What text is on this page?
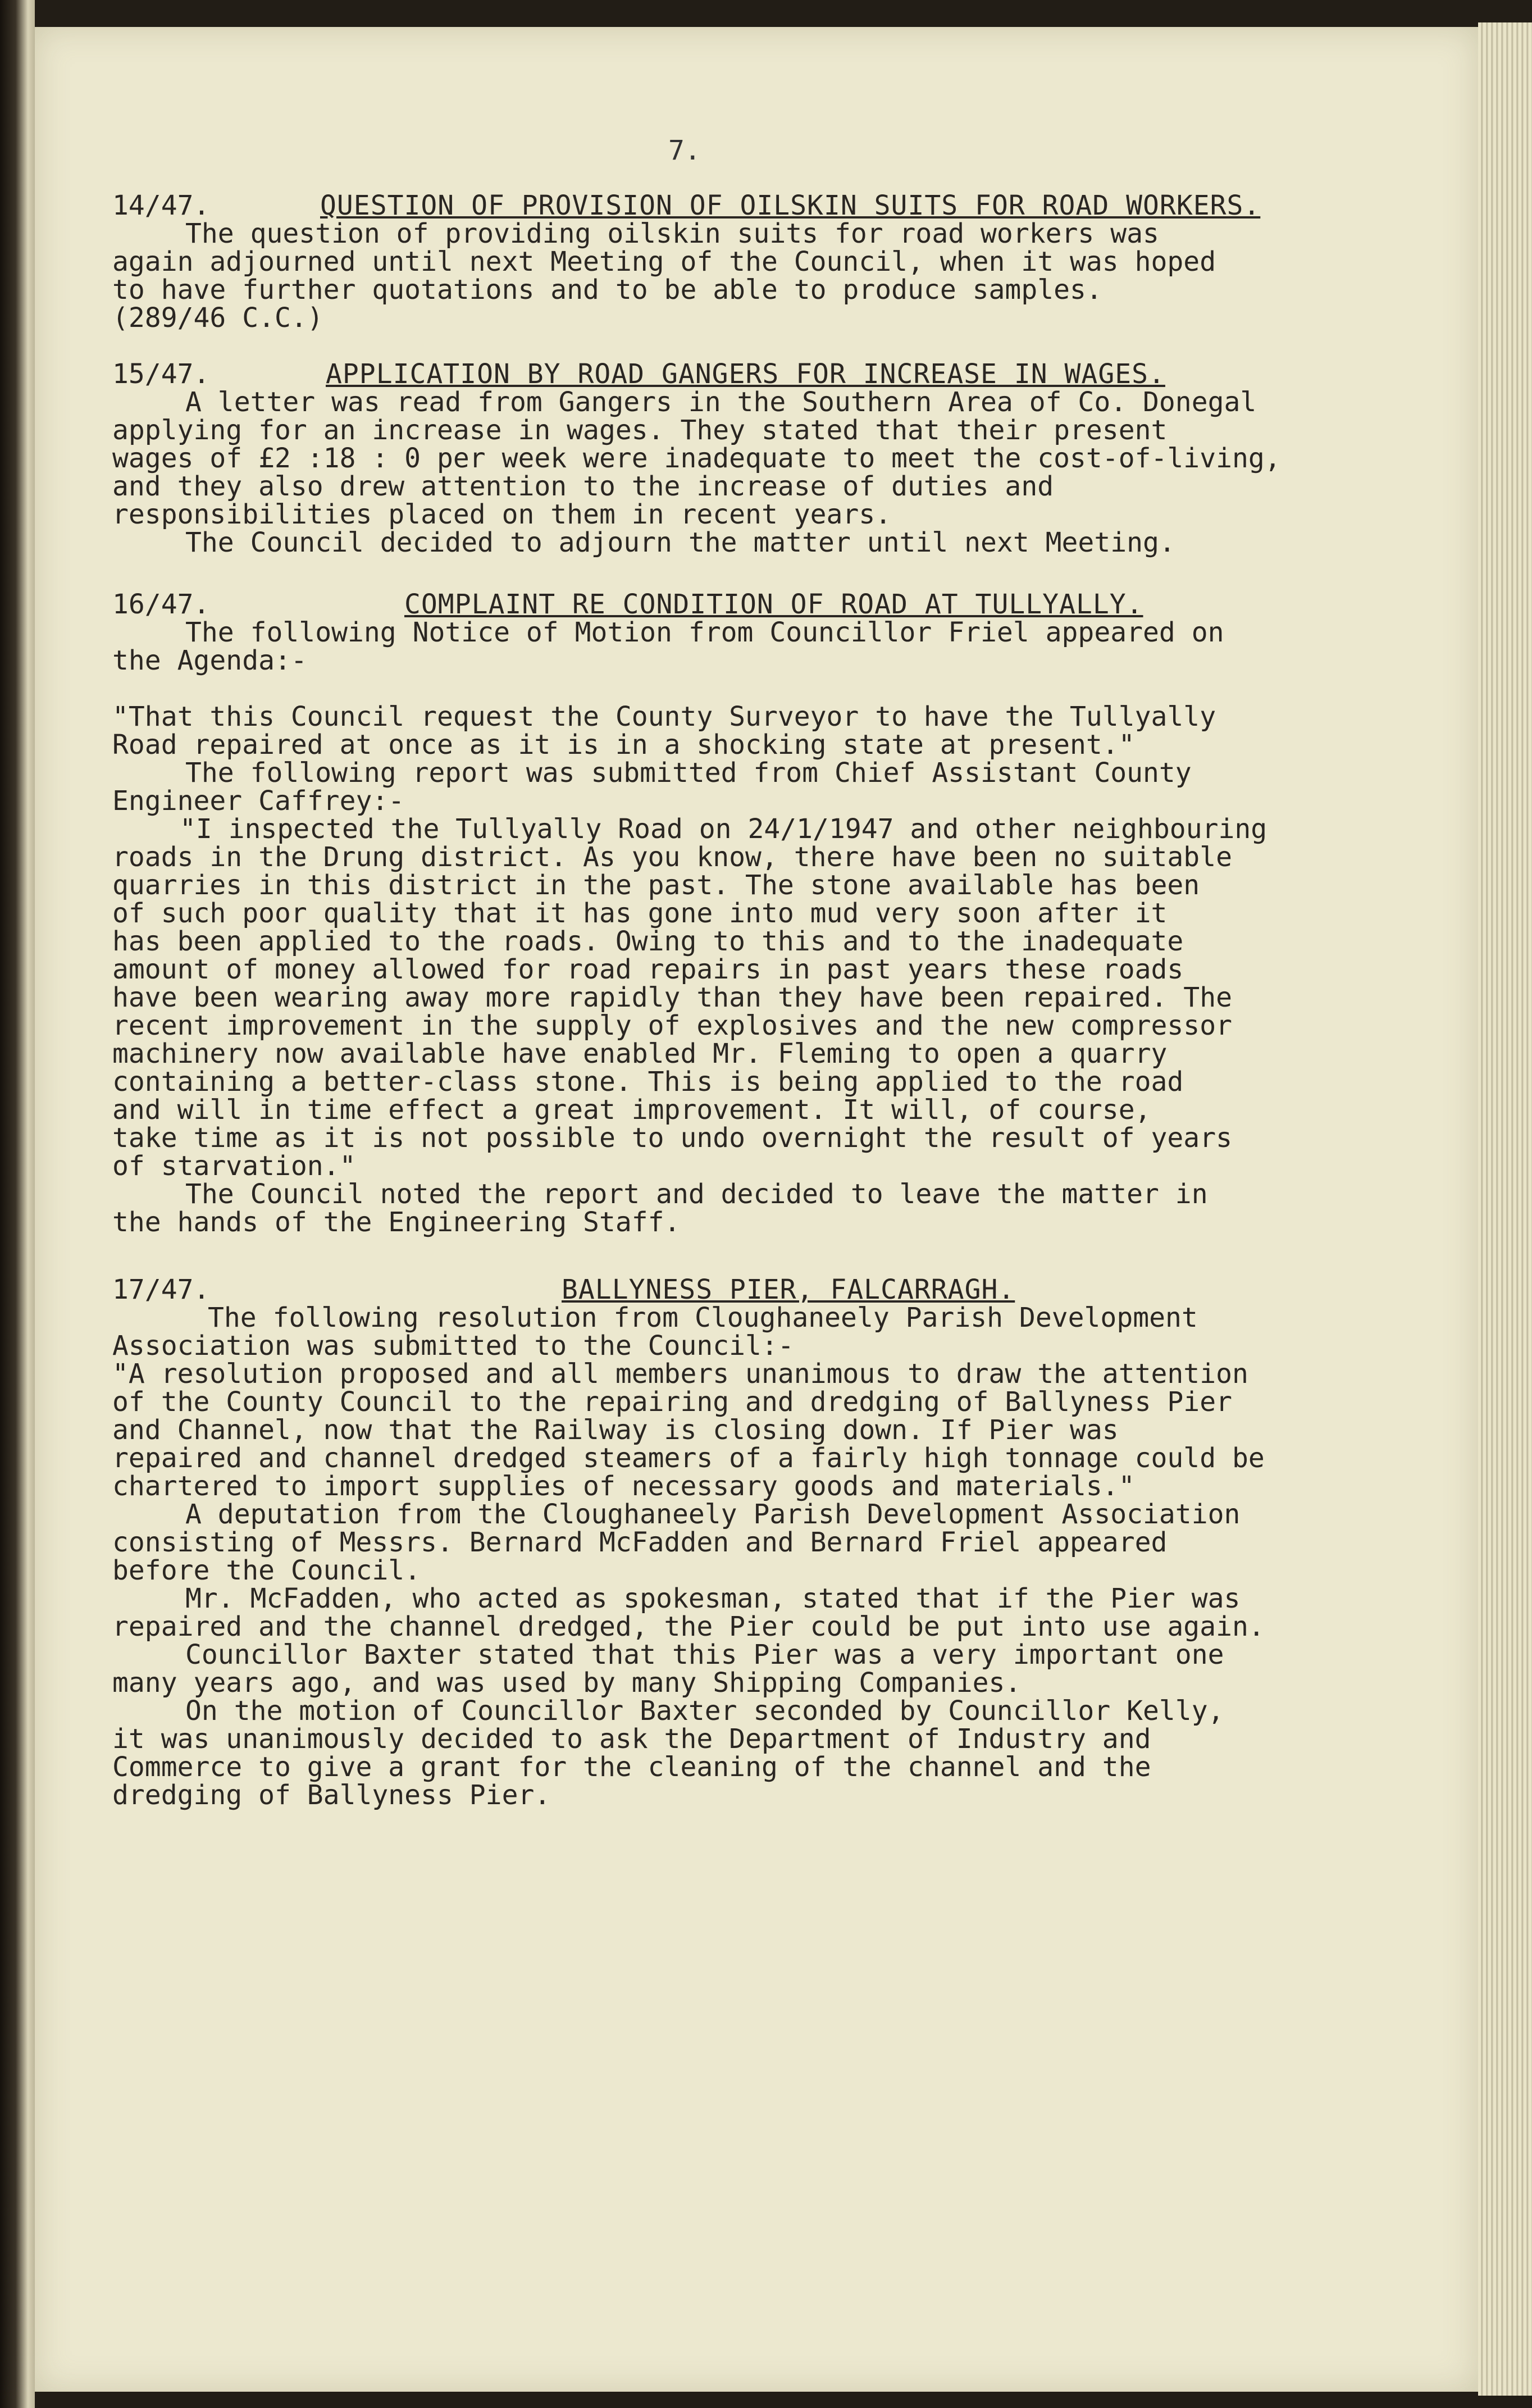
7.
14/47.	QUESTION OF PROVISION OF OILSKIN SUITS FOR ROAD WORKERS.
The question of providing oilskin suits for road workers was
again adjourned until next Meeting of the Council, when it was hoped
to have further quotations and to be able to produce samples.
(289/46 C.C.)
15/47.	APPLICATION BY ROAD GANGERS FOR INCREASE IN WAGES.
A letter was read from Gangers in the Southern Area of Co. Donegal
applying for an increase in wages. They stated that their present
wages of £2 :18 : 0 per week were inadequate to meet the cost-of-living,
and they also drew attention to the increase of duties and
responsibilities placed on them in recent years.
The Council decided to adjourn the matter until next Meeting.
16/47.	COMPLAINT RE CONDITION OF ROAD AT TULLYALLY.
The following Notice of Motion from Councillor Friel appeared on
the Agenda:-
"That this Council request the County Surveyor to have the Tullyally
Road repaired at once as it is in a shocking state at present."
The following report was submitted from Chief Assistant County
Engineer Caffrey:-
"I inspected the Tullyally Road on 24/1/1947 and other neighbouring
roads in the Drung district. As you know, there have been no suitable
quarries in this district in the past. The stone available has been
of such poor quality that it has gone into mud very soon after it
has been applied to the roads. Owing to this and to the inadequate
amount of money allowed for road repairs in past years these roads
have been wearing away more rapidly than they have been repaired. The
recent improvement in the supply of explosives and the new compressor
machinery now available have enabled Mr. Fleming to open a quarry
containing a better-class stone. This is being applied to the road
and will in time effect a great improvement. It will, of course,
take time as it is not possible to undo overnight the result of years
of starvation."
The Council noted the report and decided to leave the matter in
the hands of the Engineering Staff.
17/47.	BALLYNESS PIER, FALCARRAGH.
The following resolution from Cloughaneely Parish Development
Association was submitted to the Council:-
"A resolution proposed and all members unanimous to draw the attention
of the County Council to the repairing and dredging of Ballyness Pier
and Channel, now that the Railway is closing down. If Pier was
repaired and channel dredged steamers of a fairly high tonnage could be
chartered to import supplies of necessary goods and materials."
A deputation from the Cloughaneely Parish Development Association
consisting of Messrs. Bernard McFadden and Bernard Friel appeared
before the Council.
Mr. McFadden, who acted as spokesman, stated that if the Pier was
repaired and the channel dredged, the Pier could be put into use again.
Councillor Baxter stated that this Pier was a very important one
many years ago, and was used by many Shipping Companies.
On the motion of Councillor Baxter seconded by Councillor Kelly,
it was unanimously decided to ask the Department of Industry and
Commerce to give a grant for the cleaning of the channel and the
dredging of Ballyness Pier.
